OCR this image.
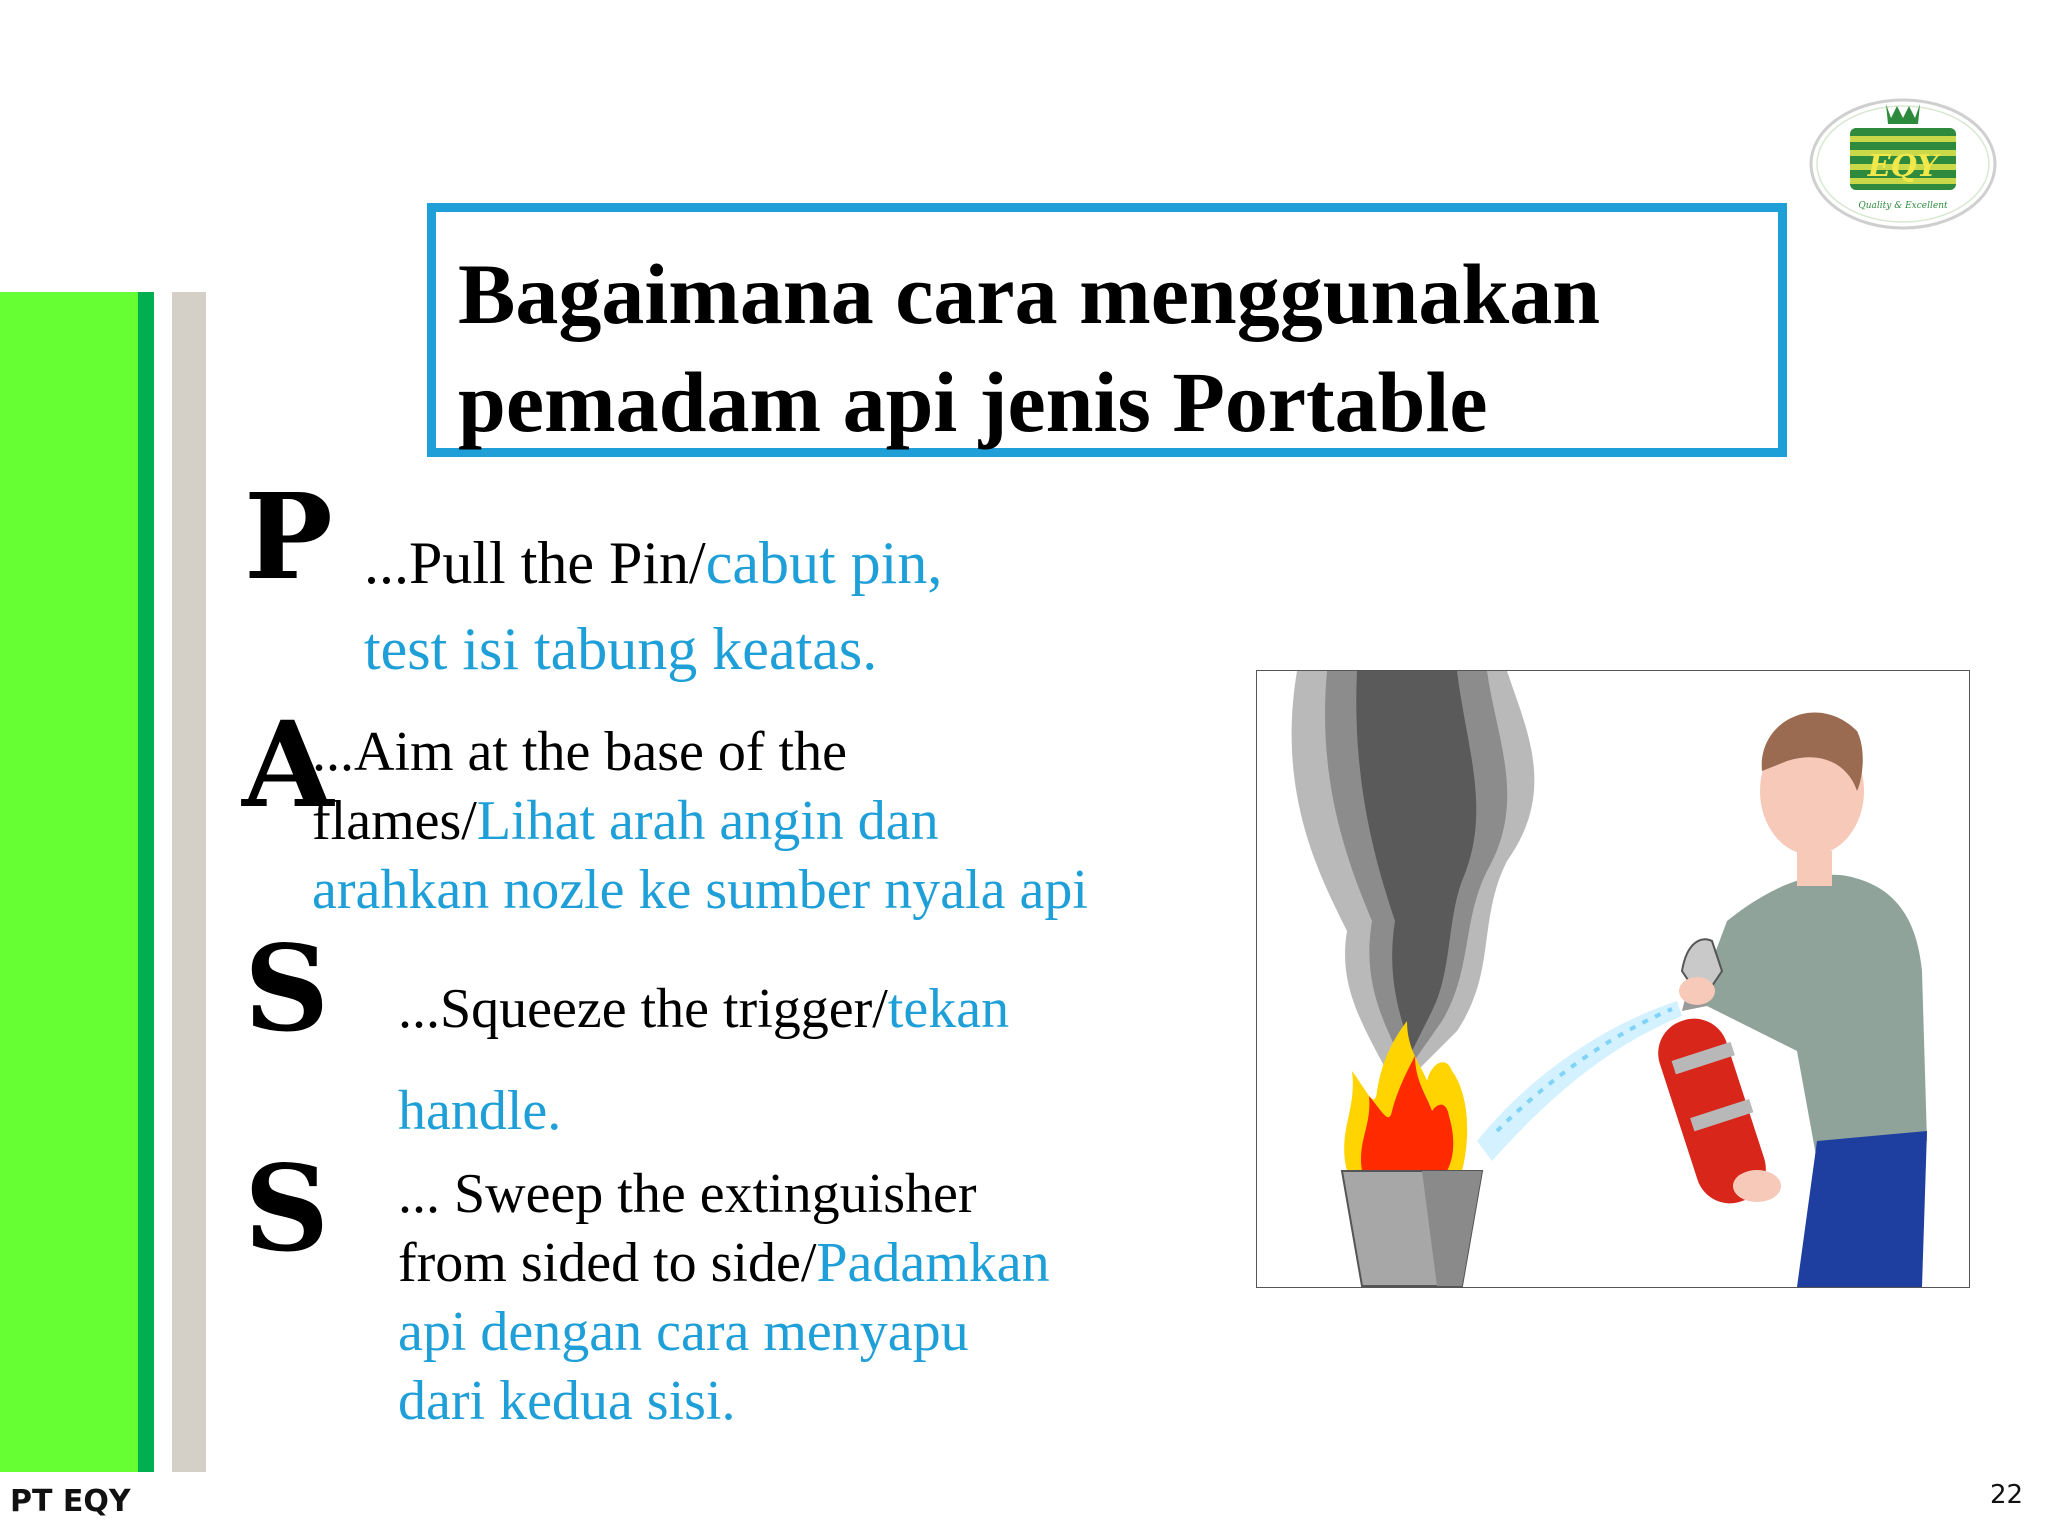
EQY
Quality & Excellent
Bagaimana cara menggunakan
pemadam api jenis Portable
P
A
S
S

...Pull the Pin/cabut pin,
test isi tabung keatas.

...Aim at the base of the
flames/Lihat arah angin dan
arahkan nozle ke sumber nyala api

...Squeeze the trigger/tekan
handle.

... Sweep the extinguisher
from sided to side/Padamkan
api dengan cara menyapu
dari kedua sisi.

PT EQY	22
